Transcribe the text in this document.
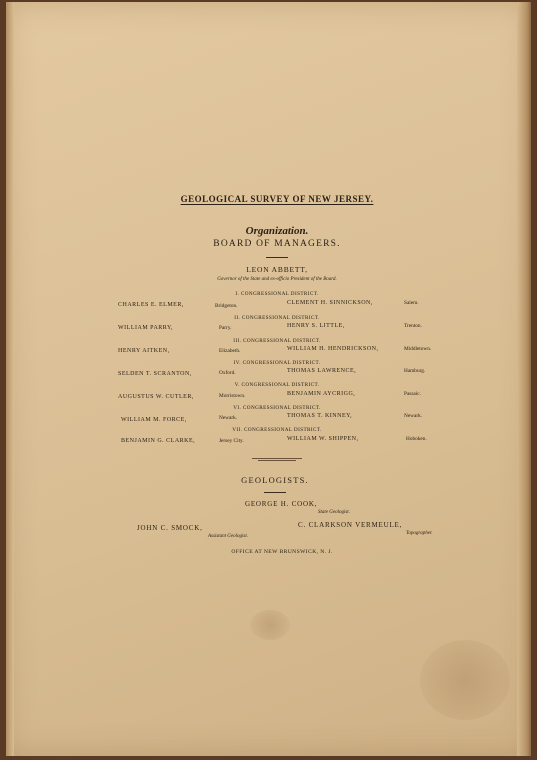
GEOLOGICAL SURVEY OF NEW JERSEY.
Organization.
BOARD OF MANAGERS.
LEON ABBETT,
Governor of the State and ex-officio President of the Board.
I. CONGRESSIONAL DISTRICT.
CHARLES E. ELMER,	Bridgeton.	CLEMENT H. SINNICKSON,	Salem.
II. CONGRESSIONAL DISTRICT.
WILLIAM PARRY,	Parry.	HENRY S. LITTLE,	Trenton.
III. CONGRESSIONAL DISTRICT.
HENRY AITKEN,	Elizabeth.	WILLIAM H. HENDRICKSON,	Middletown.
IV. CONGRESSIONAL DISTRICT.
SELDEN T. SCRANTON,	Oxford.	THOMAS LAWRENCE,	Hamburg.
V. CONGRESSIONAL DISTRICT.
AUGUSTUS W. CUTLER,	Morristown.	BENJAMIN AYCRIGG,	Passaic.
VI. CONGRESSIONAL DISTRICT.
WILLIAM M. FORCE,	Newark.	THOMAS T. KINNEY,	Newark.
VII. CONGRESSIONAL DISTRICT.
BENJAMIN G. CLARKE,	Jersey City.	WILLIAM W. SHIPPEN,	Hoboken.
GEOLOGISTS.
GEORGE H. COOK,
State Geologist.
JOHN C. SMOCK,
Assistant Geologist.
C. CLARKSON VERMEULE,
Topographer.
OFFICE AT NEW BRUNSWICK, N. J.
